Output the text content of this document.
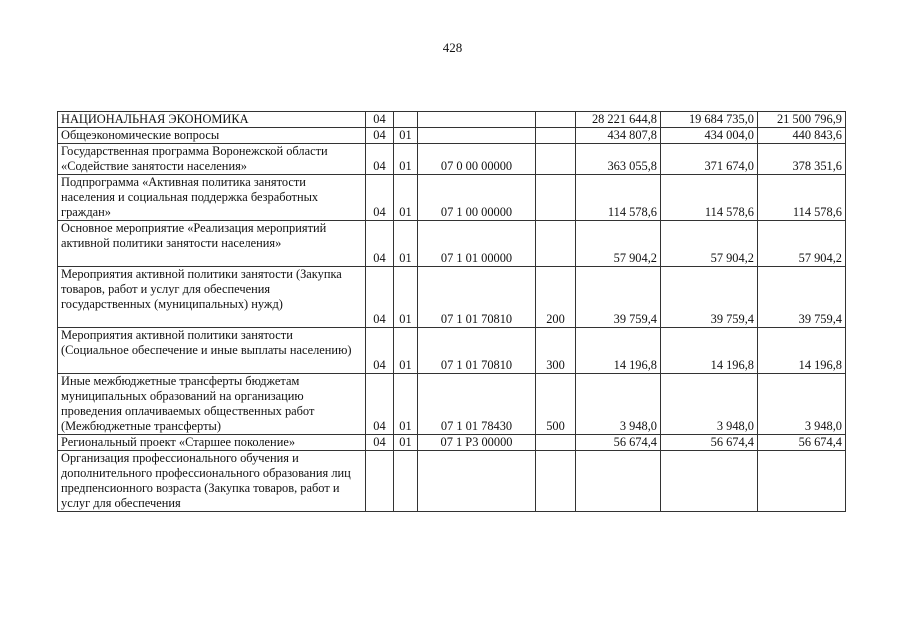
428
НАЦИОНАЛЬНАЯ ЭКОНОМИКА	04				28 221 644,8	19 684 735,0	21 500 796,9
Общеэкономические вопросы	04	01			434 807,8	434 004,0	440 843,6
Государственная программа Воронежской области «Содействие занятости населения»	04	01	07 0 00 00000		363 055,8	371 674,0	378 351,6
Подпрограмма «Активная политика занятости населения и социальная поддержка безработных граждан»	04	01	07 1 00 00000		114 578,6	114 578,6	114 578,6
Основное мероприятие «Реализация мероприятий активной политики занятости населения»	04	01	07 1 01 00000		57 904,2	57 904,2	57 904,2
Мероприятия активной политики занятости (Закупка товаров, работ и услуг для обеспечения государственных (муниципальных) нужд)	04	01	07 1 01 70810	200	39 759,4	39 759,4	39 759,4
Мероприятия активной политики занятости (Социальное обеспечение и иные выплаты населению)	04	01	07 1 01 70810	300	14 196,8	14 196,8	14 196,8
Иные межбюджетные трансферты бюджетам муниципальных образований на организацию проведения оплачиваемых общественных работ (Межбюджетные трансферты)	04	01	07 1 01 78430	500	3 948,0	3 948,0	3 948,0
Региональный проект «Старшее поколение»	04	01	07 1 P3 00000		56 674,4	56 674,4	56 674,4
Организация профессионального обучения и дополнительного профессионального образования лиц предпенсионного возраста (Закупка товаров, работ и услуг для обеспечения							
